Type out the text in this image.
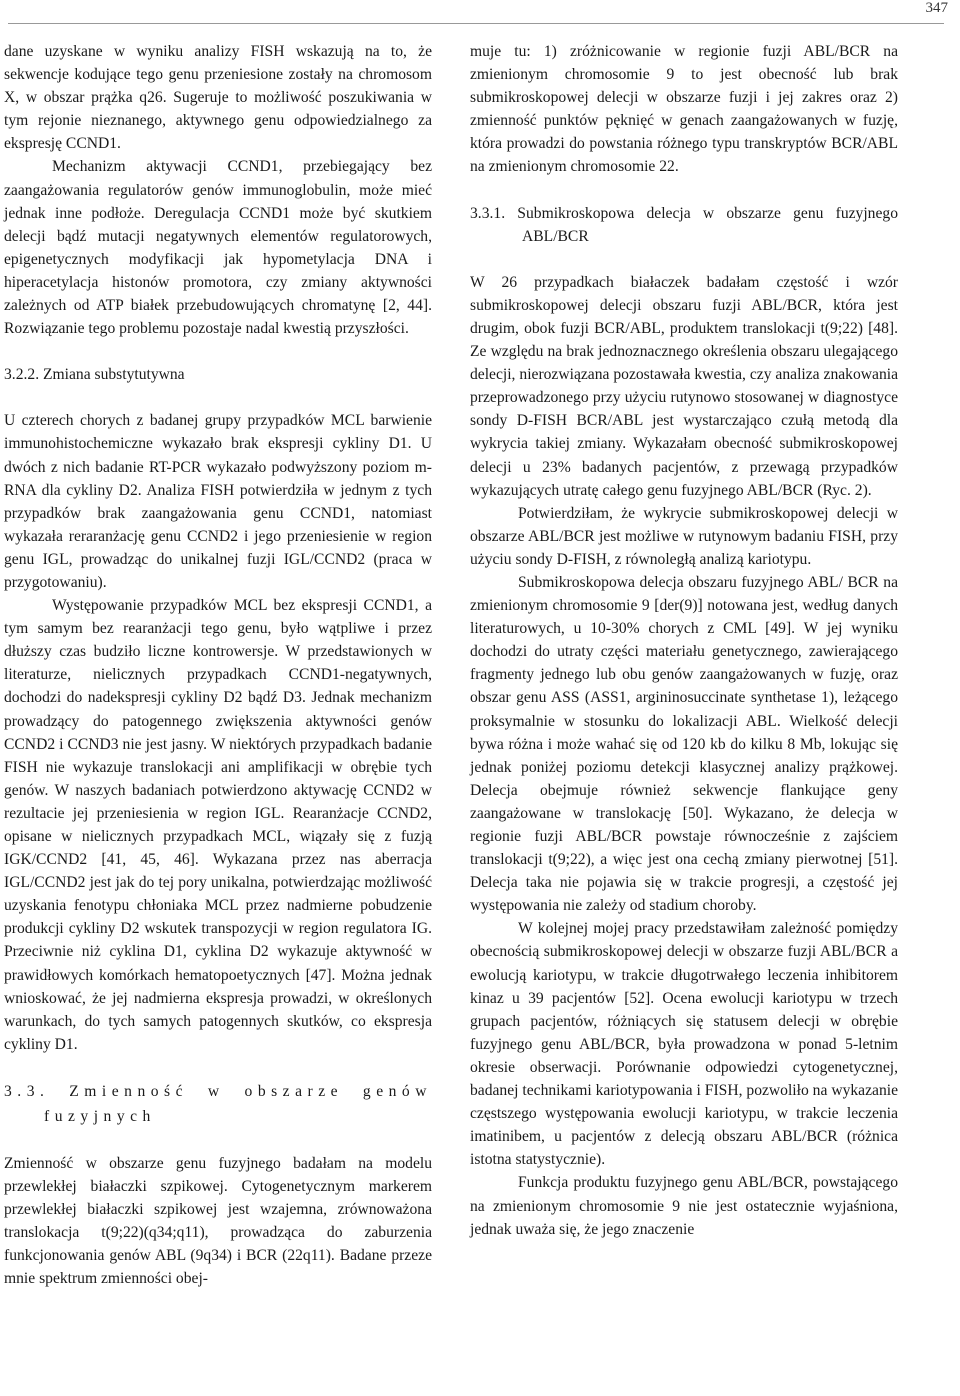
347

dane uzyskane w wyniku analizy FISH wskazują na to, że sekwencje kodujące tego genu przeniesione zostały na chromosom X, w obszar prążka q26. Sugeruje to możliwość poszukiwania w tym rejonie nieznanego, aktywnego genu odpowiedzialnego za ekspresję CCND1.

Mechanizm aktywacji CCND1, przebiegający bez zaangażowania regulatorów genów immunoglobulin, może mieć jednak inne podłoże. Deregulacja CCND1 może być skutkiem delecji bądź mutacji negatywnych elementów regulatorowych, epigenetycznych modyfikacji jak hypometylacja DNA i hiperacetylacja histonów promotora, czy zmiany aktywności zależnych od ATP białek przebudowujących chromatynę [2, 44]. Rozwiązanie tego problemu pozostaje nadal kwestią przyszłości.

3.2.2. Zmiana substytutywna

U czterech chorych z badanej grupy przypadków MCL barwienie immunohistochemiczne wykazało brak ekspresji cykliny D1. U dwóch z nich badanie RT-PCR wykazało podwyższony poziom m-RNA dla cykliny D2. Analiza FISH potwierdziła w jednym z tych przypadków brak zaangażowania genu CCND1, natomiast wykazała reraranżację genu CCND2 i jego przeniesienie w region genu IGL, prowadząc do unikalnej fuzji IGL/CCND2 (praca w przygotowaniu).

Występowanie przypadków MCL bez ekspresji CCND1, a tym samym bez rearanżacji tego genu, było wątpliwe i przez dłuższy czas budziło liczne kontrowersje. W przedstawionych w literaturze, nielicznych przypadkach CCND1-negatywnych, dochodzi do nadekspresji cykliny D2 bądź D3. Jednak mechanizm prowadzący do patogennego zwiększenia aktywności genów CCND2 i CCND3 nie jest jasny. W niektórych przypadkach badanie FISH nie wykazuje translokacji ani amplifikacji w obrębie tych genów. W naszych badaniach potwierdzono aktywację CCND2 w rezultacie jej przeniesienia w region IGL. Rearanżacje CCND2, opisane w nielicznych przypadkach MCL, wiązały się z fuzją IGK/CCND2 [41, 45, 46]. Wykazana przez nas aberracja IGL/CCND2 jest jak do tej pory unikalna, potwierdzając możliwość uzyskania fenotypu chłoniaka MCL przez nadmierne pobudzenie produkcji cykliny D2 wskutek transpozycji w region regulatora IG. Przeciwnie niż cyklina D1, cyklina D2 wykazuje aktywność w prawidłowych komórkach hematopoetycznych [47]. Można jednak wnioskować, że jej nadmierna ekspresja prowadzi, w określonych warunkach, do tych samych patogennych skutków, co ekspresja cykliny D1.

3.3. Zmienność w obszarze genów fuzyjnych

Zmienność w obszarze genu fuzyjnego badałam na modelu przewlekłej białaczki szpikowej. Cytogenetycznym markerem przewlekłej białaczki szpikowej jest wzajemna, zrównoważona translokacja t(9;22)(q34;q11), prowadząca do zaburzenia funkcjonowania genów ABL (9q34) i BCR (22q11). Badane przeze mnie spektrum zmienności obej-

muje tu: 1) zróżnicowanie w regionie fuzji ABL/BCR na zmienionym chromosomie 9 to jest obecność lub brak submikroskopowej delecji w obszarze fuzji i jej zakres oraz 2) zmienność punktów pęknięć w genach zaangażowanych w fuzję, która prowadzi do powstania różnego typu transkryptów BCR/ABL na zmienionym chromosomie 22.

3.3.1. Submikroskopowa delecja w obszarze genu fuzyjnego ABL/BCR

W 26 przypadkach białaczek badałam częstość i wzór submikroskopowej delecji obszaru fuzji ABL/BCR, która jest drugim, obok fuzji BCR/ABL, produktem translokacji t(9;22) [48]. Ze względu na brak jednoznacznego określenia obszaru ulegającego delecji, nierozwiązana pozostawała kwestia, czy analiza znakowania przeprowadzonego przy użyciu rutynowo stosowanej w diagnostyce sondy D-FISH BCR/ABL jest wystarczająco czułą metodą dla wykrycia takiej zmiany. Wykazałam obecność submikroskopowej delecji u 23% badanych pacjentów, z przewagą przypadków wykazujących utratę całego genu fuzyjnego ABL/BCR (Ryc. 2).

Potwierdziłam, że wykrycie submikroskopowej delecji w obszarze ABL/BCR jest możliwe w rutynowym badaniu FISH, przy użyciu sondy D-FISH, z równoległą analizą kariotypu.

Submikroskopowa delecja obszaru fuzyjnego ABL/ BCR na zmienionym chromosomie 9 [der(9)] notowana jest, według danych literaturowych, u 10-30% chorych z CML [49]. W jej wyniku dochodzi do utraty części materiału genetycznego, zawierającego fragmenty jednego lub obu genów zaangażowanych w fuzję, oraz obszar genu ASS (ASS1, argininosuccinate synthetase 1), leżącego proksymalnie w stosunku do lokalizacji ABL. Wielkość delecji bywa różna i może wahać się od 120 kb do kilku 8 Mb, lokując się jednak poniżej poziomu detekcji klasycznej analizy prążkowej. Delecja obejmuje również sekwencje flankujące geny zaangażowane w translokację [50]. Wykazano, że delecja w regionie fuzji ABL/BCR powstaje równocześnie z zajściem translokacji t(9;22), a więc jest ona cechą zmiany pierwotnej [51]. Delecja taka nie pojawia się w trakcie progresji, a częstość jej występowania nie zależy od stadium choroby.

W kolejnej mojej pracy przedstawiłam zależność pomiędzy obecnością submikroskopowej delecji w obszarze fuzji ABL/BCR a ewolucją kariotypu, w trakcie długotrwałego leczenia inhibitorem kinaz u 39 pacjentów [52]. Ocena ewolucji kariotypu w trzech grupach pacjentów, różniących się statusem delecji w obrębie fuzyjnego genu ABL/BCR, była prowadzona w ponad 5-letnim okresie obserwacji. Porównanie odpowiedzi cytogenetycznej, badanej technikami kariotypowania i FISH, pozwoliło na wykazanie częstszego występowania ewolucji kariotypu, w trakcie leczenia imatinibem, u pacjentów z delecją obszaru ABL/BCR (różnica istotna statystycznie).

Funkcja produktu fuzyjnego genu ABL/BCR, powstającego na zmienionym chromosomie 9 nie jest ostatecznie wyjaśniona, jednak uważa się, że jego znaczenie
